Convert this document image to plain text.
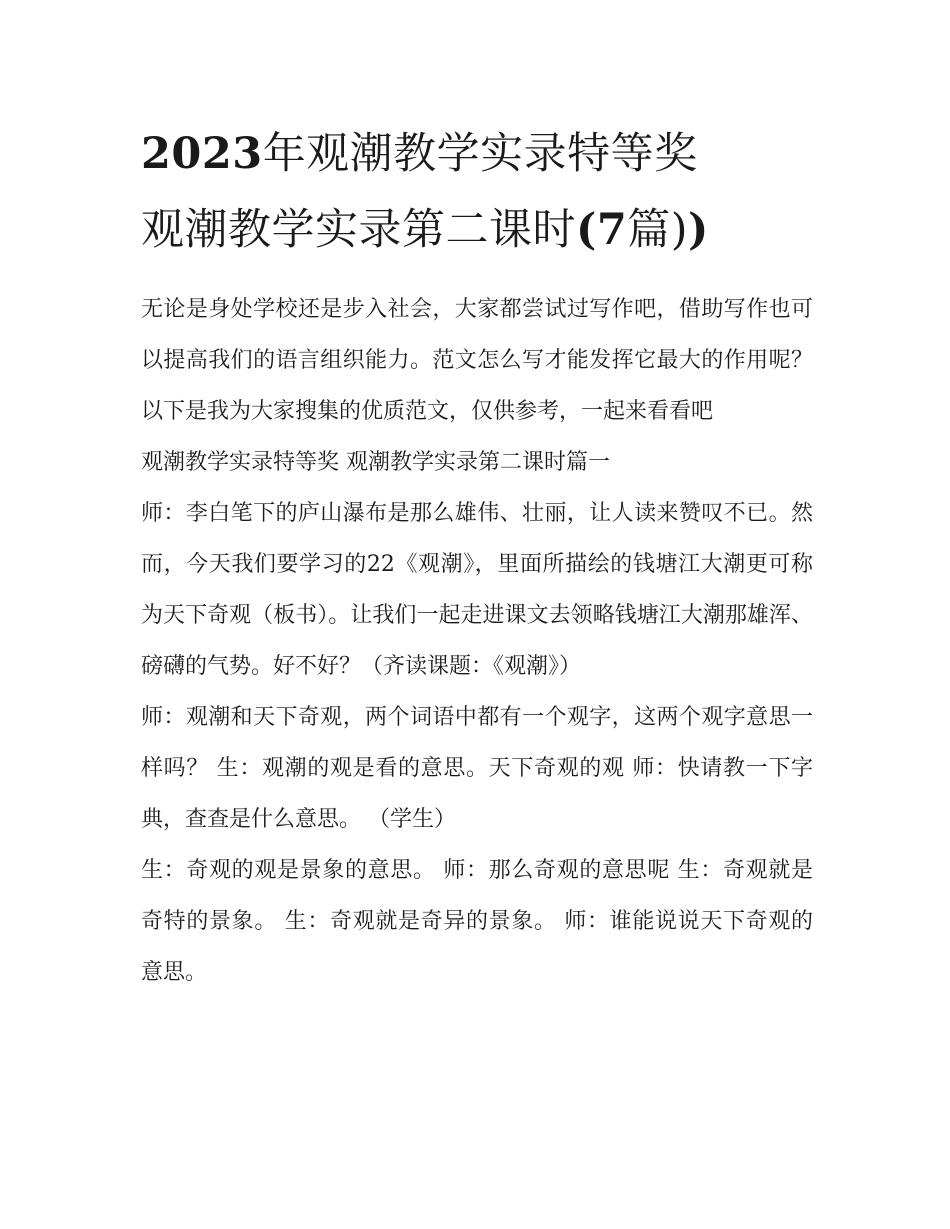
2023年观潮教学实录特等奖
观潮教学实录第二课时(7篇))

无论是身处学校还是步入社会，大家都尝试过写作吧，借助写作也可以提高我们的语言组织能力。范文怎么写才能发挥它最大的作用呢？以下是我为大家搜集的优质范文，仅供参考，一起来看看吧

观潮教学实录特等奖 观潮教学实录第二课时篇一

师：李白笔下的庐山瀑布是那么雄伟、壮丽，让人读来赞叹不已。然而，今天我们要学习的22《观潮》，里面所描绘的钱塘江大潮更可称为天下奇观（板书）。让我们一起走进课文去领略钱塘江大潮那雄浑、磅礴的气势。好不好？（齐读课题：《观潮》）

师：观潮和天下奇观，两个词语中都有一个观字，这两个观字意思一样吗？ 生：观潮的观是看的意思。天下奇观的观 师：快请教一下字典，查查是什么意思。 （学生）

生：奇观的观是景象的意思。 师：那么奇观的意思呢 生：奇观就是奇特的景象。 生：奇观就是奇异的景象。 师：谁能说说天下奇观的意思。
